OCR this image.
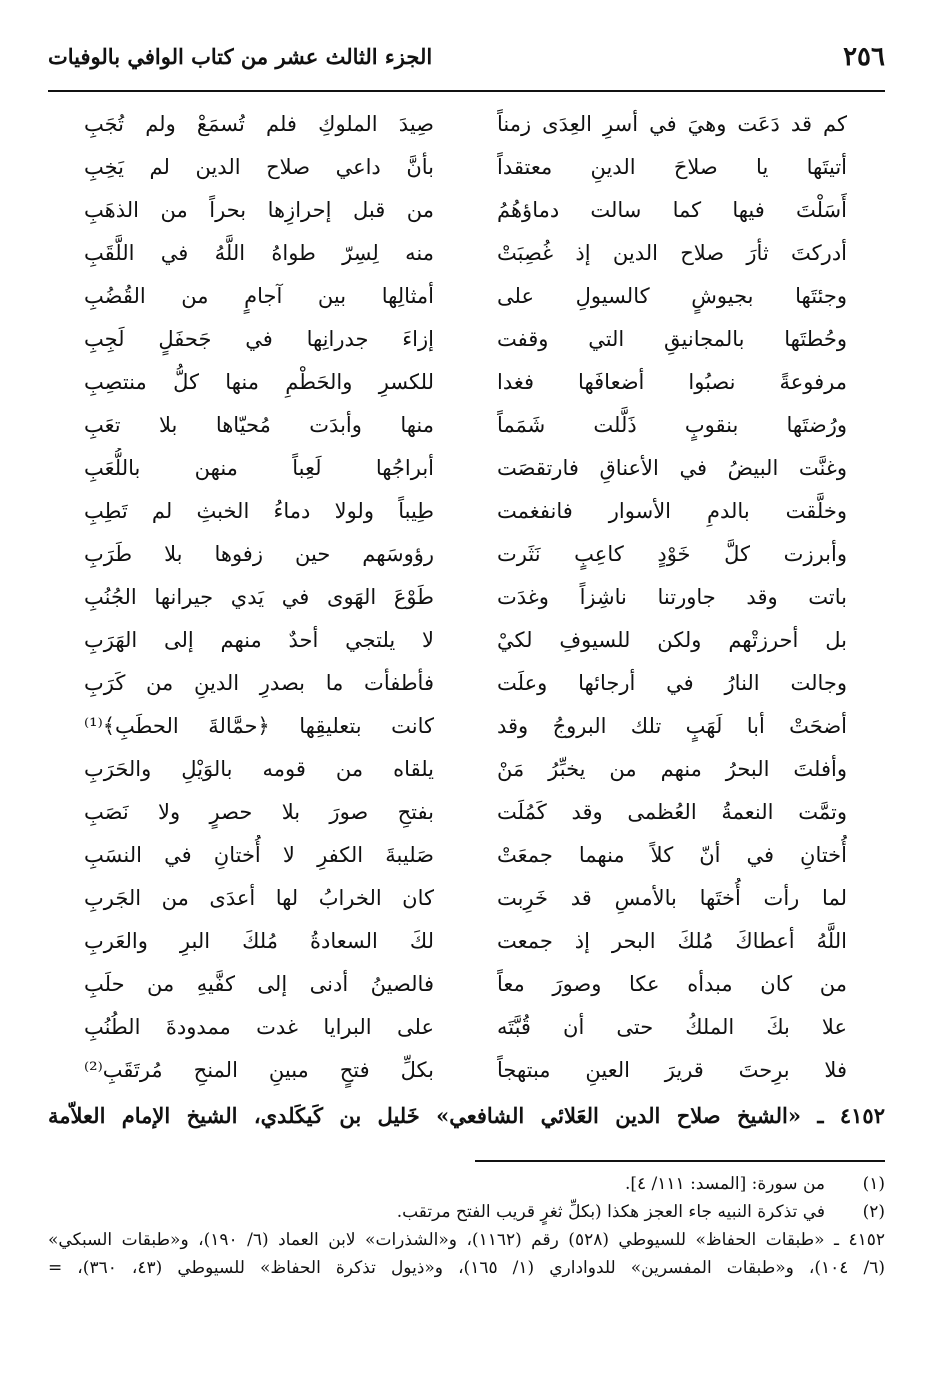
٢٥٦
الجزء الثالث عشر من كتاب الوافي بالوفيات
كم قد دَعَت وهيَ في أسرِ العِدَى زمناً
صِيدَ الملوكِ فلم تُسمَعْ ولم تُجَبِ
أتيتَها يا صلاحَ الدينِ معتقداً
بأنَّ داعي صلاح الدين لم يَخِبِ
أَسَلْتَ فيها كما سالت دماؤهُمُ
من قبل إحرازِها بحراً من الذهَبِ
أدركتَ ثأرَ صلاح الدين إذ غُصِبَتْ
منه لِسِرّ طواهُ اللَّهُ في اللَّقَبِ
وجئتَها بجيوشٍ كالسيولِ على
أمثالِها بين آجامٍ من القُضُبِ
وحُطتَها بالمجانيقِ التي وقفت
إزاءَ جدرانِها في جَحفَلٍ لَجِبِ
مرفوعةً نصبُوا أضعافَها فغدا
للكسرِ والحَطْمِ منها كلُّ منتصِبِ
ورُضتَها بنقوبٍ ذَلَّلت شَمَماً
منها وأبدَت مُحيّاها بلا تعَبِ
وغنَّت البيضُ في الأعناقِ فارتقصَت
أبراجُها لَعِباً منهن باللُّعَبِ
وخلَّقت بالدمِ الأسوار فانفغمت
طِيباً ولولا دماءُ الخبثِ لم تَطِبِ
وأبرزت كلَّ خَوْدٍ كاعِبٍ نَثَرت
رؤوسَهم حين زفوها بلا طَرَبِ
باتت وقد جاورتنا ناشِزاً وغدَت
طَوْعَ الهَوى في يَدي جيرانها الجُنُبِ
بل أحرزتْهم ولكن للسيوفِ لكيْ
لا يلتجي أحدٌ منهم إلى الهَرَبِ
وجالت النارُ في أرجائها وعلَت
فأطفأت ما بصدرِ الدينِ من كَرَبِ
أضحَتْ أبا لَهَبٍ تلك البروجُ وقد
كانت بتعليقِها ﴿حمَّالةَ الحطَبِ﴾⁽¹⁾
وأفلتَ البحرُ منهم من يخبِّرُ مَنْ
يلقاه من قومه بالوَيْلِ والحَرَبِ
وتمَّت النعمةُ العُظمى وقد كَمُلَت
بفتحِ صورَ بلا حصرٍ ولا نَصَبِ
أُختانِ في أنّ كلاً منهما جمعَتْ
صَليبةَ الكفرِ لا أُختانِ في النسَبِ
لما رأت أُختَها بالأمسِ قد خَرِبت
كان الخرابُ لها أعدَى من الجَربِ
اللَّهُ أعطاكَ مُلكَ البحر إذ جمعت
لكَ السعادةُ مُلكَ البرِ والعَربِ
من كان مبدأه عكا وصورَ معاً
فالصينُ أدنى إلى كفَّيهِ من حلَبِ
علا بكَ الملكُ حتى أن قُبَّتَه
على البرايا غدت ممدودةَ الطُنُبِ
فلا برِحتَ قريرَ العينِ مبتهجاً
بكلِّ فتحٍ مبينِ المنحِ مُرتَقَبِ⁽²⁾
٤١٥٢ ـ «الشيخ صلاح الدين العَلائي الشافعي» خَليل بن كَيكَلدي، الشيخ الإمام العلاّمة
(١)
من سورة: [المسد: ١١١/ ٤].
(٢)
في تذكرة النبيه جاء العجز هكذا (بكلِّ ثغرٍ قريب الفتح مرتقب.
٤١٥٢ ـ «طبقات الحفاظ» للسيوطي (٥٢٨) رقم (١١٦٢)، و«الشذرات» لابن العماد (٦/ ١٩٠)، و«طبقات السبكي»
(٦/ ١٠٤)، و«طبقات المفسرين» للدواداري (١/ ١٦٥)، و«ذيول تذكرة الحفاظ» للسيوطي (٤٣، ٣٦٠)، =
